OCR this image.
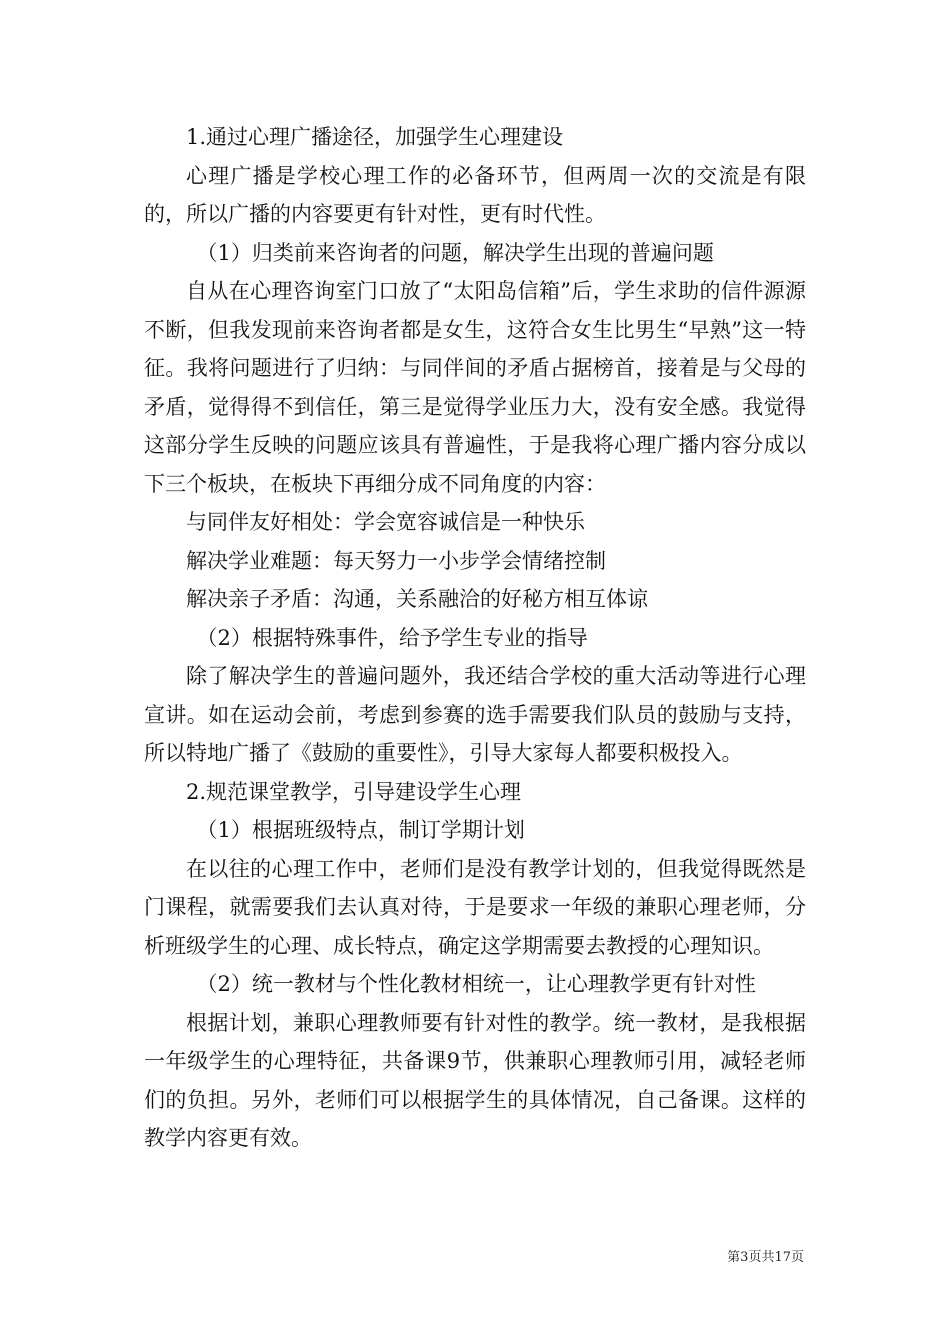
1.通过心理广播途径，加强学生心理建设

心理广播是学校心理工作的必备环节，但两周一次的交流是有限的，所以广播的内容要更有针对性，更有时代性。

（1）归类前来咨询者的问题，解决学生出现的普遍问题

自从在心理咨询室门口放了“太阳岛信箱”后，学生求助的信件源源不断，但我发现前来咨询者都是女生，这符合女生比男生“早熟”这一特征。我将问题进行了归纳：与同伴间的矛盾占据榜首，接着是与父母的矛盾，觉得得不到信任，第三是觉得学业压力大，没有安全感。我觉得这部分学生反映的问题应该具有普遍性，于是我将心理广播内容分成以下三个板块，在板块下再细分成不同角度的内容：

与同伴友好相处：学会宽容诚信是一种快乐

解决学业难题：每天努力一小步学会情绪控制

解决亲子矛盾：沟通，关系融洽的好秘方相互体谅

（2）根据特殊事件，给予学生专业的指导

除了解决学生的普遍问题外，我还结合学校的重大活动等进行心理宣讲。如在运动会前，考虑到参赛的选手需要我们队员的鼓励与支持，所以特地广播了《鼓励的重要性》，引导大家每人都要积极投入。

2.规范课堂教学，引导建设学生心理

（1）根据班级特点，制订学期计划

在以往的心理工作中，老师们是没有教学计划的，但我觉得既然是门课程，就需要我们去认真对待，于是要求一年级的兼职心理老师，分析班级学生的心理、成长特点，确定这学期需要去教授的心理知识。

（2）统一教材与个性化教材相统一，让心理教学更有针对性

根据计划，兼职心理教师要有针对性的教学。统一教材，是我根据一年级学生的心理特征，共备课9节，供兼职心理教师引用，减轻老师们的负担。另外，老师们可以根据学生的具体情况，自己备课。这样的教学内容更有效。

第3页共17页
